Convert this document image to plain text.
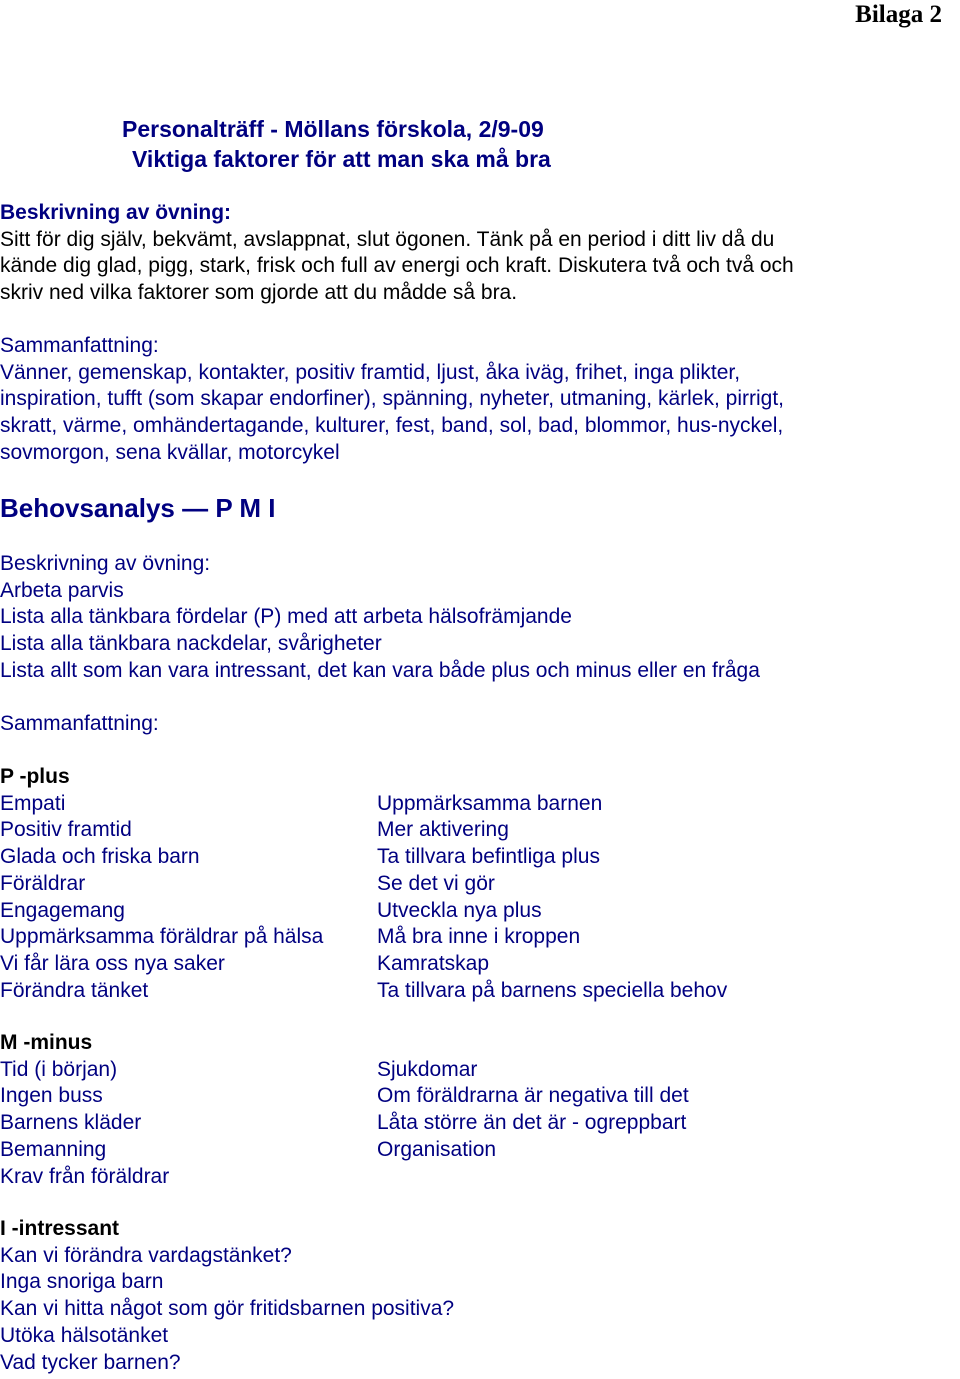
Bilaga 2
Personalträff - Möllans förskola, 2/9-09
Viktiga faktorer för att man ska må bra

Beskrivning av övning:

Sitt för dig själv, bekvämt, avslappnat, slut ögonen. Tänk på en period i ditt liv då du

kände dig glad, pigg, stark, frisk och full av energi och kraft. Diskutera två och två och

skriv ned vilka faktorer som gjorde att du mådde så bra.

Sammanfattning:

Vänner, gemenskap, kontakter, positiv framtid, ljust, åka iväg, frihet, inga plikter,

inspiration, tufft (som skapar endorfiner), spänning, nyheter, utmaning, kärlek, pirrigt,

skratt, värme, omhändertagande, kulturer, fest, band, sol, bad, blommor, hus-nyckel,

sovmorgon, sena kvällar, motorcykel

Behovsanalys — P M I

Beskrivning av övning:

Arbeta parvis

Lista alla tänkbara fördelar (P) med att arbeta hälsofrämjande

Lista alla tänkbara nackdelar, svårigheter

Lista allt som kan vara intressant, det kan vara både plus och minus eller en fråga

Sammanfattning:

P -plus
Empati
Positiv framtid
Glada och friska barn
Föräldrar
Engagemang
Uppmärksamma föräldrar på hälsa
Vi får lära oss nya saker
Förändra tänket
Uppmärksamma barnen
Mer aktivering
Ta tillvara befintliga plus
Se det vi gör
Utveckla nya plus
Må bra inne i kroppen
Kamratskap
Ta tillvara på barnens speciella behov
M -minus
Tid (i början)
Ingen buss
Barnens kläder
Bemanning
Krav från föräldrar
Sjukdomar
Om föräldrarna är negativa till det
Låta större än det är - ogreppbart
Organisation
I -intressant
Kan vi förändra vardagstänket?
Inga snoriga barn
Kan vi hitta något som gör fritidsbarnen positiva?
Utöka hälsotänket
Vad tycker barnen?
